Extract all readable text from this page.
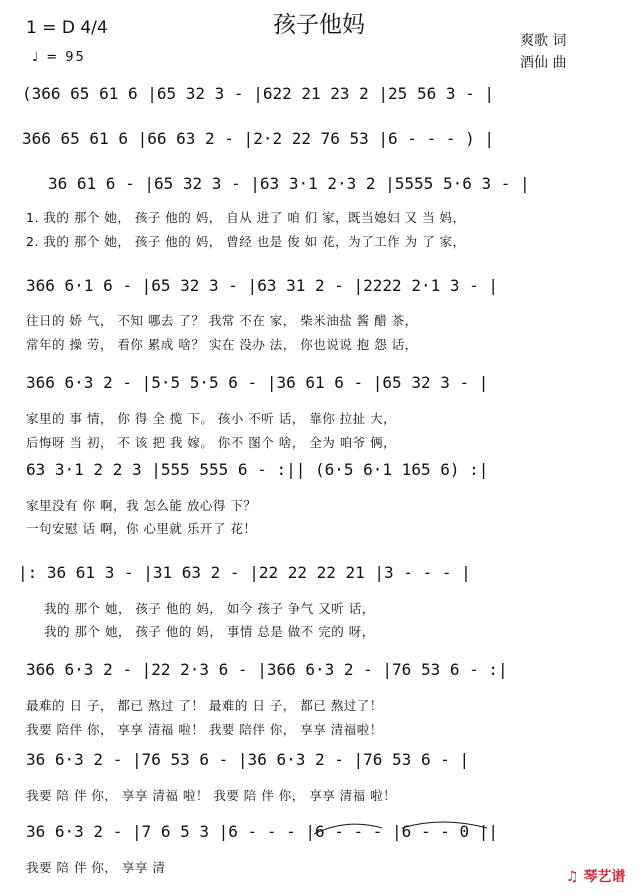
孩子他妈
1 = D 4/4
♩ = 95
爽歌 词
酒仙 曲
(366 65 61 6 |65 32 3 - |622 21 23 2 |25 56 3 - |
366 65 61 6 |66 63 2 - |2·2 22 76 53 |6 - - - ) |
36 61 6 - |65 32 3 - |63 3·1 2·3 2 |5555 5·6 3 - |
366 6·1 6 - |65 32 3 - |63 31 2 - |2222 2·1 3 - |
366 6·3 2 - |5·5 5·5 6 - |36 61 6 - |65 32 3 - |
63 3·1 2 2 3 |555 555 6 - :|| (6·5 6·1 165 6) :|
|: 36 61 3 - |31 63 2 - |22 22 22 21 |3 - - - |
366 6·3 2 - |22 2·3 6 - |366 6·3 2 - |76 53 6 - :|
36 6·3 2 - |76 53 6 - |36 6·3 2 - |76 53 6 - |
36 6·3 2 - |7 6 5 3 |6 - - - |6 - - - |6 - - 0 ||
1. 我的 那个 她， 孩子 他的 妈， 自从 进了 咱 们 家，既当媳妇 又 当 妈，
2. 我的 那个 她， 孩子 他的 妈， 曾经 也是 俊 如 花，为了工作 为 了 家，
往日的 娇 气， 不知 哪去 了？ 我常 不在 家， 柴米油盐 酱 醋 茶，
常年的 操 劳， 看你 累成 啥？ 实在 没办 法， 你也说说 抱 怨 话，
家里的 事 情， 你 得 全 揽 下。 孩小 不听 话， 靠你 拉扯 大，
后悔呀 当 初， 不 该 把 我 嫁。 你不 图个 啥， 全为 咱爷 俩，
家里没有 你 啊，我 怎么能 放心得 下？
一句安慰 话 啊，你 心里就 乐开了 花！
我的 那个 她， 孩子 他的 妈， 如今 孩子 争气 又听 话，
我的 那个 她， 孩子 他的 妈， 事情 总是 做不 完的 呀，
最难的 日 子， 都已 熬过 了！ 最难的 日 子， 都已 熬过了！
我要 陪伴 你， 享享 清福 啦！ 我要 陪伴 你， 享享 清福啦！
我要 陪 伴 你， 享享 清福 啦！ 我要 陪 伴 你， 享享 清福 啦！
我要 陪 伴 你， 享享 清
♫ 琴艺谱
